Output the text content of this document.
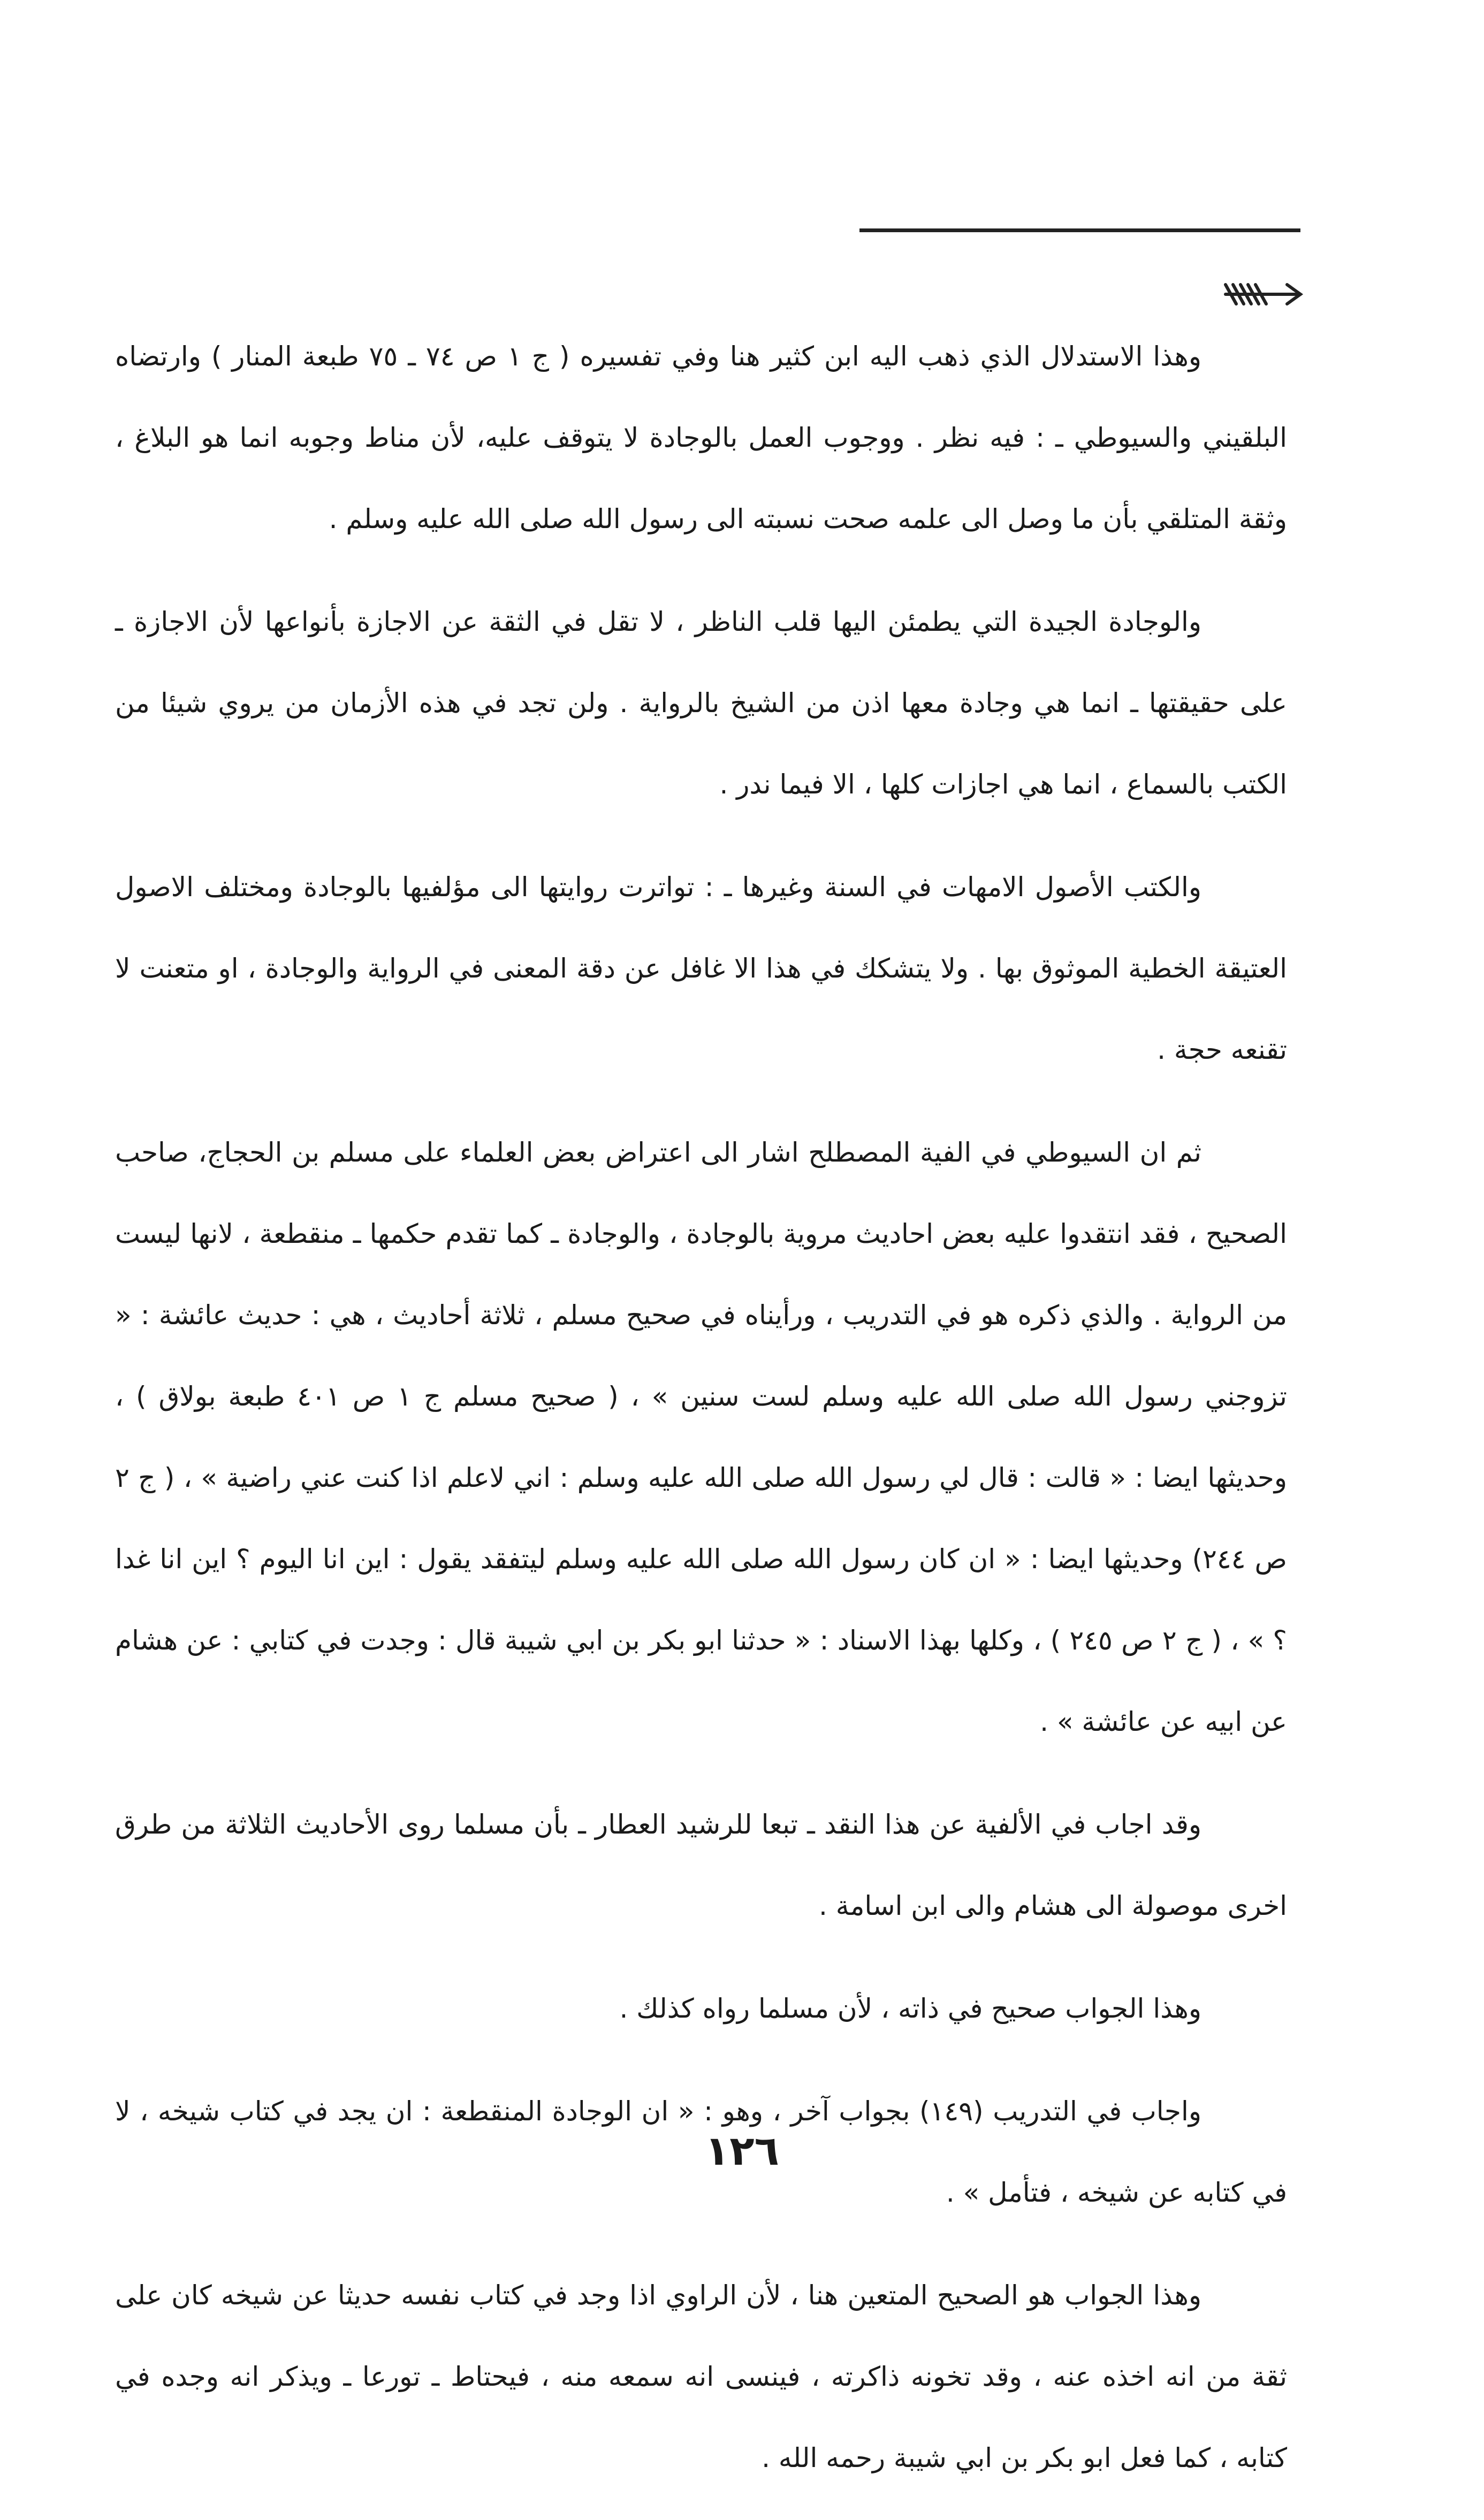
وهذا الاستدلال الذي ذهب اليه ابن كثير هنا وفي تفسيره ( ج ١ ص ٧٤ ـ ٧٥ طبعة المنار ) وارتضاه البلقيني والسيوطي ـ : فيه نظر . ووجوب العمل بالوجادة لا يتوقف عليه، لأن مناط وجوبه انما هو البلاغ ، وثقة المتلقي بأن ما وصل الى علمه صحت نسبته الى رسول الله صلى الله عليه وسلم .

والوجادة الجيدة التي يطمئن اليها قلب الناظر ، لا تقل في الثقة عن الاجازة بأنواعها لأن الاجازة ـ على حقيقتها ـ انما هي وجادة معها اذن من الشيخ بالرواية . ولن تجد في هذه الأزمان من يروي شيئا من الكتب بالسماع ، انما هي اجازات كلها ، الا فيما ندر .

والكتب الأصول الامهات في السنة وغيرها ـ : تواترت روايتها الى مؤلفيها بالوجادة ومختلف الاصول العتيقة الخطية الموثوق بها . ولا يتشكك في هذا الا غافل عن دقة المعنى في الرواية والوجادة ، او متعنت لا تقنعه حجة .

ثم ان السيوطي في الفية المصطلح اشار الى اعتراض بعض العلماء على مسلم بن الحجاج، صاحب الصحيح ، فقد انتقدوا عليه بعض احاديث مروية بالوجادة ، والوجادة ـ كما تقدم حكمها ـ منقطعة ، لانها ليست من الرواية . والذي ذكره هو في التدريب ، ورأيناه في صحيح مسلم ، ثلاثة أحاديث ، هي : حديث عائشة : « تزوجني رسول الله صلى الله عليه وسلم لست سنين » ، ( صحيح مسلم ج ١ ص ٤٠١ طبعة بولاق ) ، وحديثها ايضا : « قالت : قال لي رسول الله صلى الله عليه وسلم : اني لاعلم اذا كنت عني راضية » ، ( ج ٢ ص ٢٤٤) وحديثها ايضا : « ان كان رسول الله صلى الله عليه وسلم ليتفقد يقول : اين انا اليوم ؟ اين انا غدا ؟ » ، ( ج ٢ ص ٢٤٥ ) ، وكلها بهذا الاسناد : « حدثنا ابو بكر بن ابي شيبة قال : وجدت في كتابي : عن هشام عن ابيه عن عائشة » .

وقد اجاب في الألفية عن هذا النقد ـ تبعا للرشيد العطار ـ بأن مسلما روى الأحاديث الثلاثة من طرق اخرى موصولة الى هشام والى ابن اسامة .

وهذا الجواب صحيح في ذاته ، لأن مسلما رواه كذلك .

واجاب في التدريب (١٤٩) بجواب آخر ، وهو : « ان الوجادة المنقطعة : ان يجد في كتاب شيخه ، لا في كتابه عن شيخه ، فتأمل » .

وهذا الجواب هو الصحيح المتعين هنا ، لأن الراوي اذا وجد في كتاب نفسه حديثا عن شيخه كان على ثقة من انه اخذه عنه ، وقد تخونه ذاكرته ، فينسى انه سمعه منه ، فيحتاط ـ تورعا ـ ويذكر انه وجده في كتابه ، كما فعل ابو بكر بن ابي شيبة رحمه الله .

١٢٦
